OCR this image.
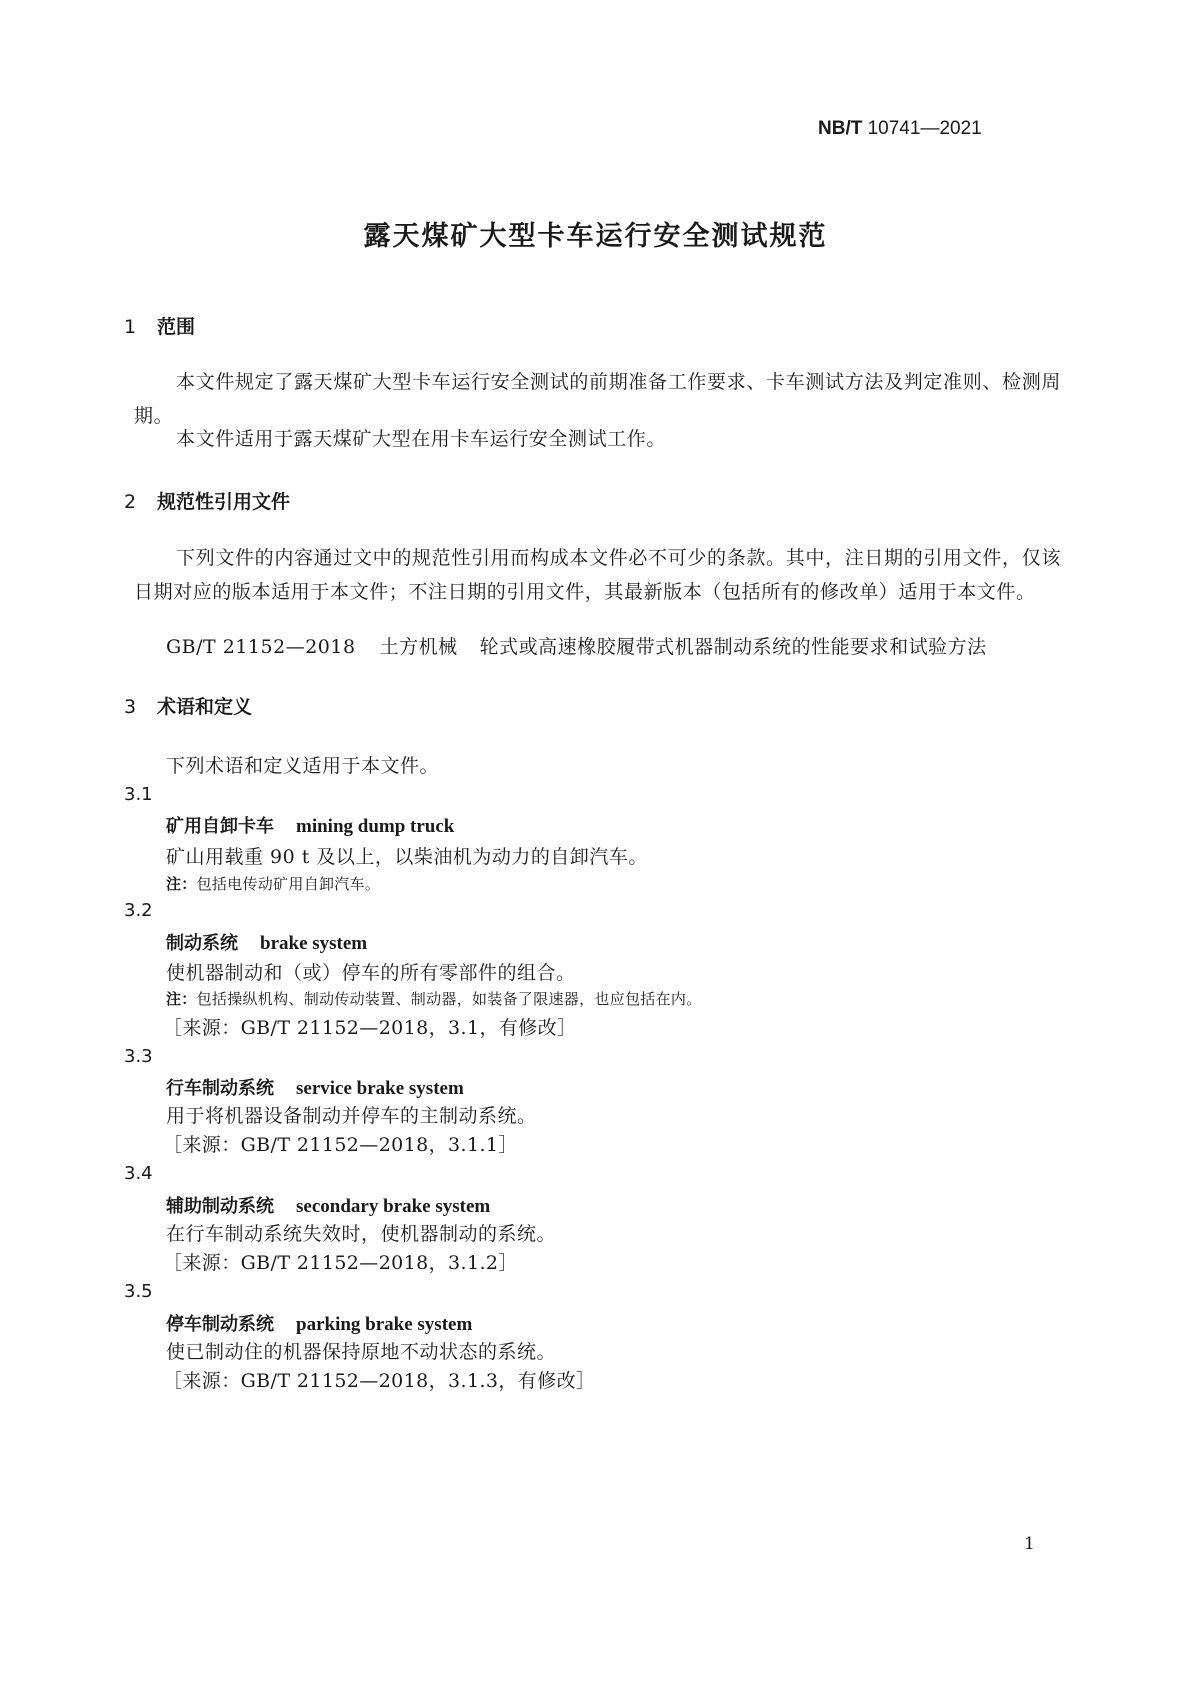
NB/T 10741—2021
露天煤矿大型卡车运行安全测试规范
1 范围
本文件规定了露天煤矿大型卡车运行安全测试的前期准备工作要求、卡车测试方法及判定准则、检测周期。
本文件适用于露天煤矿大型在用卡车运行安全测试工作。
2 规范性引用文件
下列文件的内容通过文中的规范性引用而构成本文件必不可少的条款。其中，注日期的引用文件，仅该日期对应的版本适用于本文件；不注日期的引用文件，其最新版本（包括所有的修改单）适用于本文件。
GB/T 21152—2018 土方机械 轮式或高速橡胶履带式机器制动系统的性能要求和试验方法
3 术语和定义
下列术语和定义适用于本文件。
3.1
矿用自卸卡车 mining dump truck
矿山用载重 90 t 及以上，以柴油机为动力的自卸汽车。
注：包括电传动矿用自卸汽车。
3.2
制动系统 brake system
使机器制动和（或）停车的所有零部件的组合。
注：包括操纵机构、制动传动装置、制动器，如装备了限速器，也应包括在内。
［来源：GB/T 21152—2018，3.1，有修改］
3.3
行车制动系统 service brake system
用于将机器设备制动并停车的主制动系统。
［来源：GB/T 21152—2018，3.1.1］
3.4
辅助制动系统 secondary brake system
在行车制动系统失效时，使机器制动的系统。
［来源：GB/T 21152—2018，3.1.2］
3.5
停车制动系统 parking brake system
使已制动住的机器保持原地不动状态的系统。
［来源：GB/T 21152—2018，3.1.3，有修改］
1
